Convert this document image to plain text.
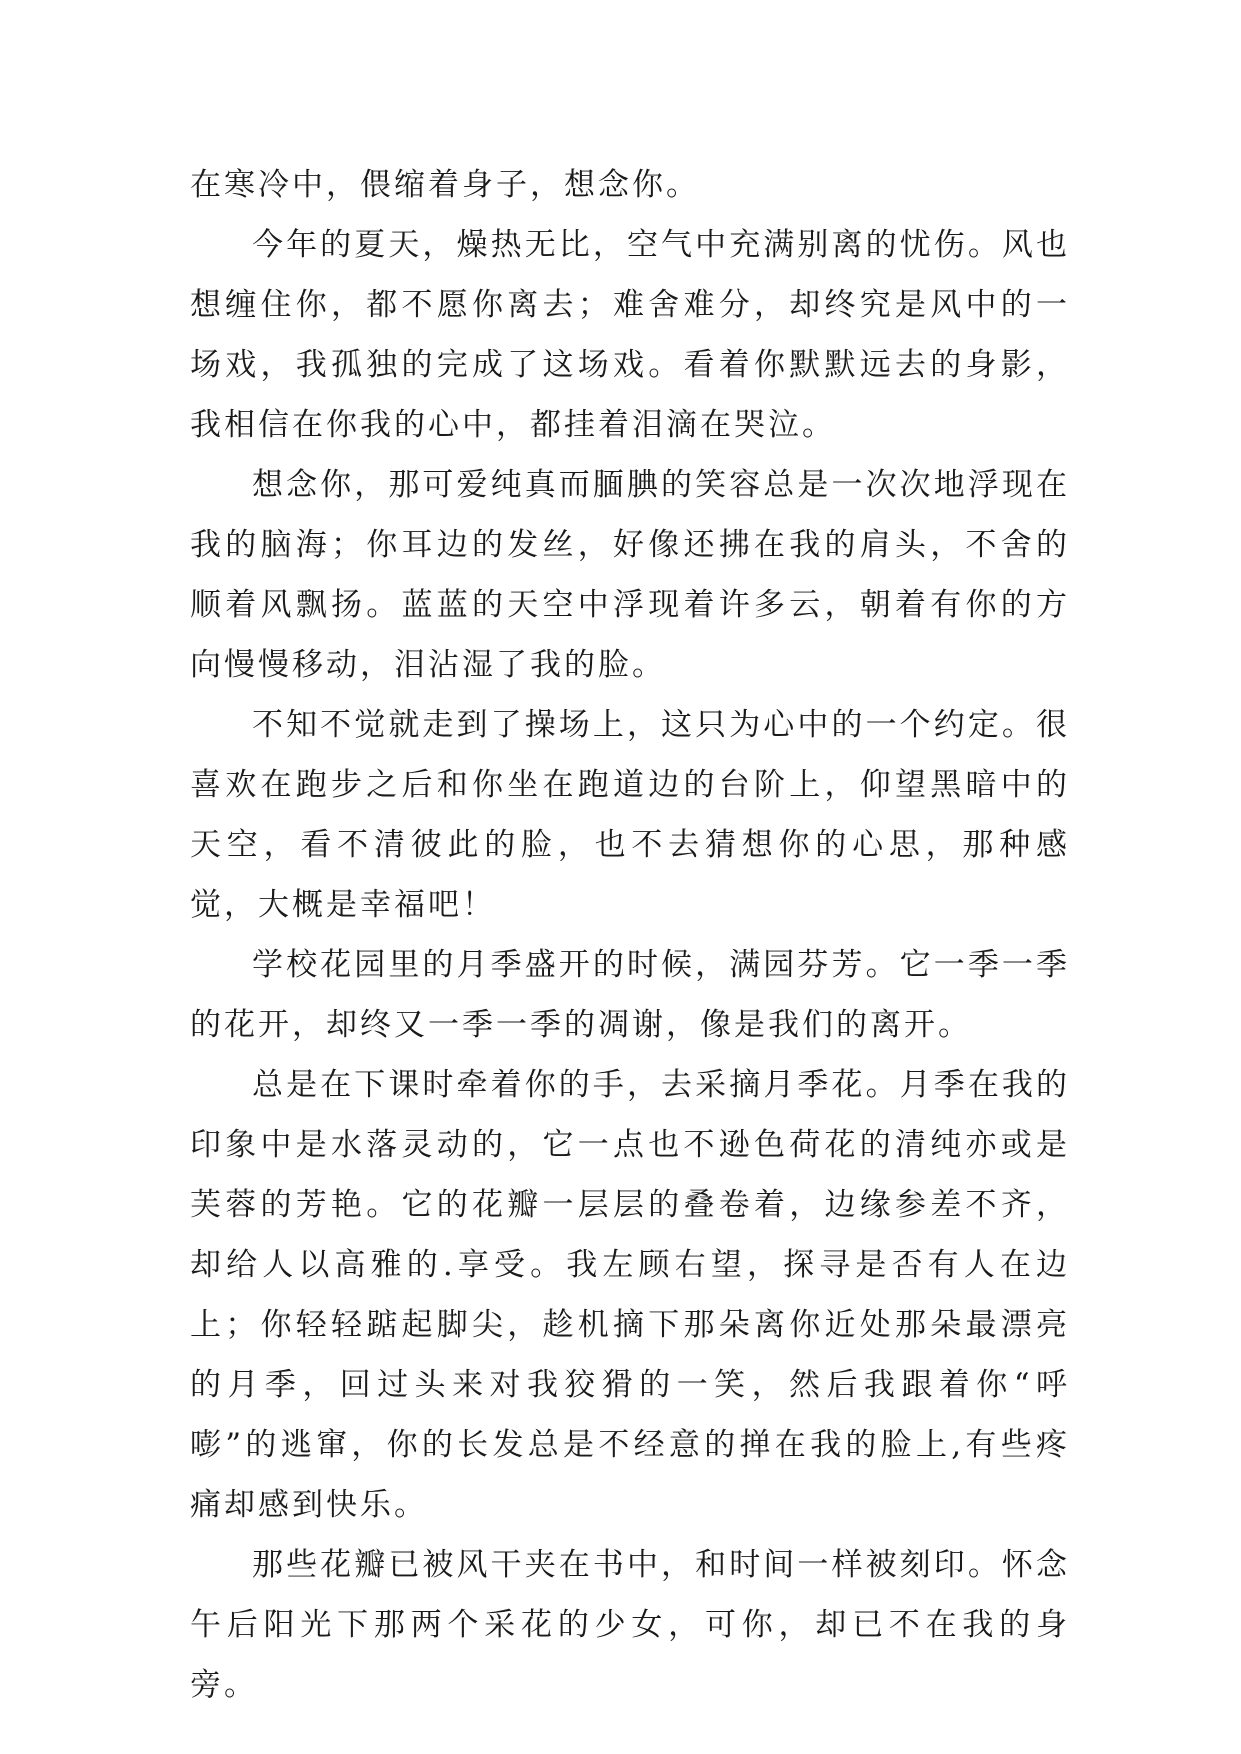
在寒冷中，偎缩着身子，想念你。

今年的夏天，燥热无比，空气中充满别离的忧伤。风也想缠住你，都不愿你离去；难舍难分，却终究是风中的一场戏，我孤独的完成了这场戏。看着你默默远去的身影，我相信在你我的心中，都挂着泪滴在哭泣。

想念你，那可爱纯真而腼腆的笑容总是一次次地浮现在我的脑海；你耳边的发丝，好像还拂在我的肩头，不舍的顺着风飘扬。蓝蓝的天空中浮现着许多云，朝着有你的方向慢慢移动，泪沾湿了我的脸。

不知不觉就走到了操场上，这只为心中的一个约定。很喜欢在跑步之后和你坐在跑道边的台阶上，仰望黑暗中的天空，看不清彼此的脸，也不去猜想你的心思，那种感觉，大概是幸福吧！

学校花园里的月季盛开的时候，满园芬芳。它一季一季的花开，却终又一季一季的凋谢，像是我们的离开。

总是在下课时牵着你的手，去采摘月季花。月季在我的印象中是水落灵动的，它一点也不逊色荷花的清纯亦或是芙蓉的芳艳。它的花瓣一层层的叠卷着，边缘参差不齐，却给人以高雅的.享受。我左顾右望，探寻是否有人在边上；你轻轻踮起脚尖，趁机摘下那朵离你近处那朵最漂亮的月季，回过头来对我狡猾的一笑，然后我跟着你“呼嘭”的逃窜，你的长发总是不经意的掸在我的脸上,有些疼痛却感到快乐。

那些花瓣已被风干夹在书中，和时间一样被刻印。怀念午后阳光下那两个采花的少女，可你，却已不在我的身旁。
